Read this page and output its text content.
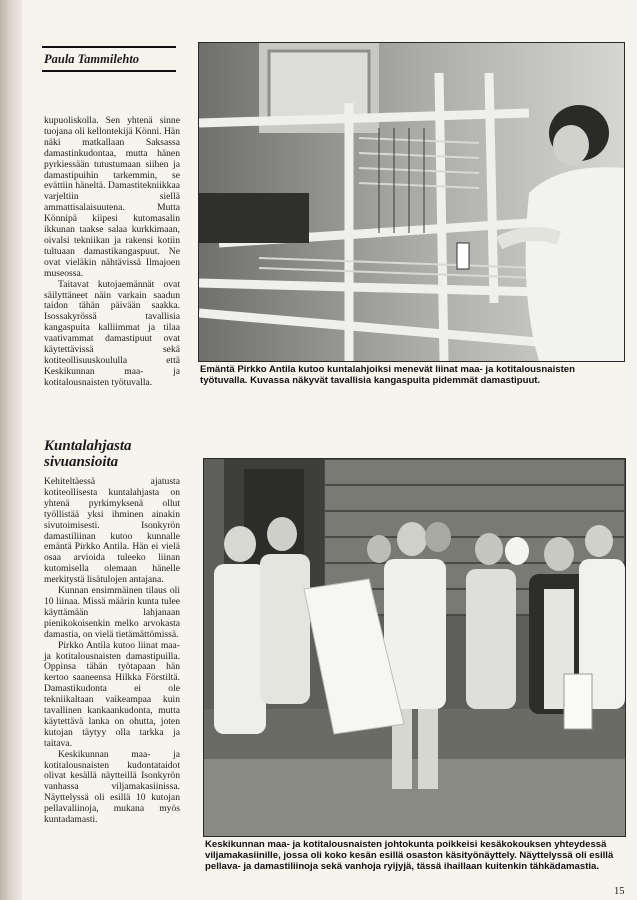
Paula Tammilehto

kupuoliskolla. Sen yhtenä sinne tuojana oli kellontekijä Könni. Hän näki matkallaan Saksassa damastinkudontaa, mutta hänen pyrkiessään tutustumaan siihen ja damastipuihin tarkemmin, se evättiin häneltä. Damastitekniikkaa varjeltiin siellä ammattisalaisuutena. Mutta Könnipä kiipesi kutomasalin ikkunan taakse salaa kurkkimaan, oivalsi tekniikan ja rakensi kotiin tultuaan damastikangaspuut. Ne ovat vieläkin nähtävissä Ilmajoen museossa.

Taitavat kutojaemännät ovat säilyttäneet näin varkain saadun taidon tähän päivään saakka. Isossakyrössä tavallisia kangaspuita kalliimmat ja tilaa vaativammat damastipuut ovat käytettävissä sekä kotiteollisuuskoululla että Keskikunnan maa- ja kotitalousnaisten työtuvalla.

Kuntalahjasta sivuansioita

Kehiteltäessä ajatusta kotiteollisesta kuntalahjasta on yhtenä pyrkimyksenä ollut työllistää yksi ihminen ainakin sivutoimisesti. Isonkyrön damastiliinan kutoo kunnalle emäntä Pirkko Antila. Hän ei vielä osaa arvioida tuleeko liinan kutomisella olemaan hänelle merkitystä lisätulojen antajana.

Kunnan ensimmäinen tilaus oli 10 liinaa. Missä määrin kunta tulee käyttämään lahjanaan pienikokoisenkin melko arvokasta damastia, on vielä tietämättömissä.

Pirkko Antila kutoo liinat maa- ja kotitalousnaisten damastipuilla. Oppinsa tähän työtapaan hän kertoo saaneensa Hilkka Förstiltä. Damastikudonta ei ole tekniikaltaan vaikeampaa kuin tavallinen kankaankudonta, mutta käytettävä lanka on ohutta, joten kutojan täytyy olla tarkka ja taitava.

Keskikunnan maa- ja kotitalousnaisten kudontataidot olivat kesällä näytteillä Isonkyrön vanhassa viljamakasiinissa. Näyttelyssä oli esillä 10 kutojan pellavaliinoja, mukana myös kuntadamasti.

Emäntä Pirkko Antila kutoo kuntalahjoiksi menevät liinat maa- ja kotitalousnaisten työtuvalla. Kuvassa näkyvät tavallisia kangaspuita pidemmät damastipuut.

Keskikunnan maa- ja kotitalousnaisten johtokunta poikkeisi kesäkokouksen yhteydessä viljamakasiinille, jossa oli koko kesän esillä osaston käsityönäyttely. Näyttelyssä oli esillä pellava- ja damastiliinoja sekä vanhoja ryijyjä, tässä ihaillaan kuitenkin tähkädamastia.
15
